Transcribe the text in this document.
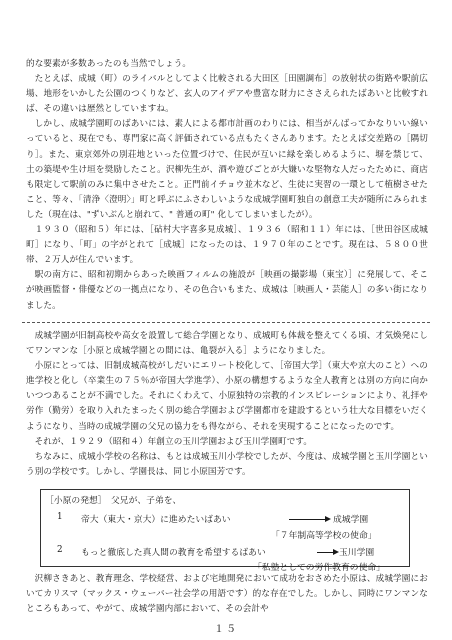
的な要素が多数あったのも当然でしょう。

たとえば、成城（町）のライバルとしてよく比較される大田区［田園調布］の放射状の街路や駅前広場、地形をいかした公園のつくりなど、玄人のアイデアや豊富な財力にささえられたばあいと比較すれば、その違いは歴然としていますね。

しかし、成城学園町のばあいには、素人による都市計画のわりには、相当がんばってかなりいい線いっていると、現在でも、専門家に高く評価されている点もたくさんあります。たとえば交差路の［隅切り］。また、東京郊外の別荘地といった位置づけで、住民が互いに緑を楽しめるように、塀を禁じて、土の築堤や生け垣を奨励したこと。沢柳先生が、酒や遊びごとが大嫌いな堅物な人だったために、商店も限定して駅前のみに集中させたこと。正門前イチョウ並木など、生徒に実習の一環として植樹させたこと、等々、「清浄〈澄明〉」町と呼ぶにふさわしいような成城学園町独自の創意工夫が随所にみられました（現在は、"ずいぶんと崩れて、" 普通の町" 化してしまいましたが）。

１９３０（昭和５）年には、［砧村大字喜多見成城］、１９３６（昭和１１）年には、［世田谷区成城町］になり、「町」の字がとれて［成城］になったのは、１９７０年のことです。現在は、５８００世帯、２万人が住んでいます。

駅の南方に、昭和初期からあった映画フィルムの施設が［映画の撮影場（東宝）］に発展して、そこが映画監督・俳優などの一拠点になり、その色合いもまた、成城は［映画人・芸能人］の多い街になりました。

成城学園が旧制高校や高女を設置して総合学園となり、成城町も体裁を整えてくる頃、才気煥発にしてワンマンな［小原と成城学園との間には、亀裂が入る］ようになりました。

小原にとっては、旧制成城高校がしだいにエリート校化して、［帝国大学］（東大や京大のこと）への進学校と化し（卒業生の７５％が帝国大学進学）、小原の構想するような全人教育とは別の方向に向かいつつあることが不満でした。それにくわえて、小原独特の宗教的インスピレーションにより、礼拝や労作（勤労）を取り入れたまったく別の総合学園および学園都市を建設するという壮大な目標をいだくようになり、当時の成城学園の父兄の協力をも得ながら、それを実現することになったのです。

それが、１９２９（昭和４）年創立の玉川学園および玉川学園町です。

ちなみに、成城小学校の名称は、もとは成城玉川小学校でしたが、今度は、成城学園と玉川学園という別の学校です。しかし、学園長は、同じ小原国芳です。

［小原の発想］　父兄が、子弟を、
1 帝大（東大・京大）に進めたいばあい	成城学園
「７年制高等学校の使命」
2 もっと徹底した真人間の教育を希望するばあい	玉川学園
「私塾としての労作教育の使命」

沢柳さきあと、教育理念、学校経営、および宅地開発において成功をおさめた小原は、成城学園においてカリスマ（マックス・ウェーバー社会学の用語です）的な存在でした。しかし、同時にワンマンなところもあって、やがて、成城学園内部において、その会計や

１５
